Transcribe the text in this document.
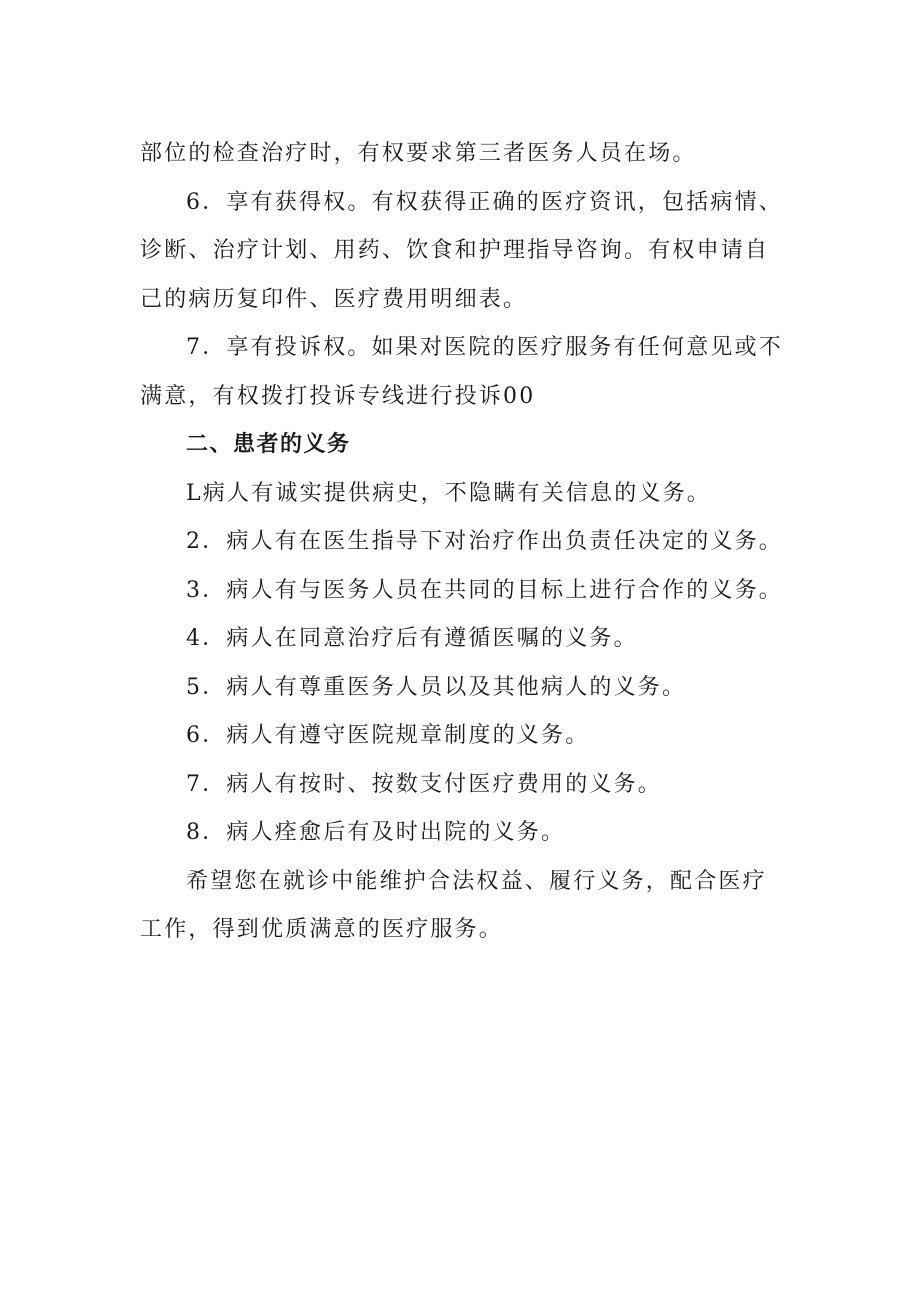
部位的检查治疗时，有权要求第三者医务人员在场。

6．享有获得权。有权获得正确的医疗资讯，包括病情、诊断、治疗计划、用药、饮食和护理指导咨询。有权申请自己的病历复印件、医疗费用明细表。

7．享有投诉权。如果对医院的医疗服务有任何意见或不满意，有权拨打投诉专线进行投诉00

二、患者的义务

L病人有诚实提供病史，不隐瞒有关信息的义务。

2．病人有在医生指导下对治疗作出负责任决定的义务。

3．病人有与医务人员在共同的目标上进行合作的义务。

4．病人在同意治疗后有遵循医嘱的义务。

5．病人有尊重医务人员以及其他病人的义务。

6．病人有遵守医院规章制度的义务。

7．病人有按时、按数支付医疗费用的义务。

8．病人痊愈后有及时出院的义务。

希望您在就诊中能维护合法权益、履行义务，配合医疗工作，得到优质满意的医疗服务。
